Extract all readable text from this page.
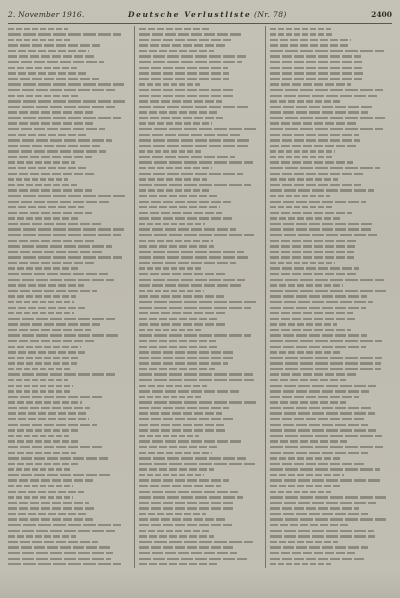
2. November 1916.	Deutsche Verlustliste (Nr. 78)	2400
